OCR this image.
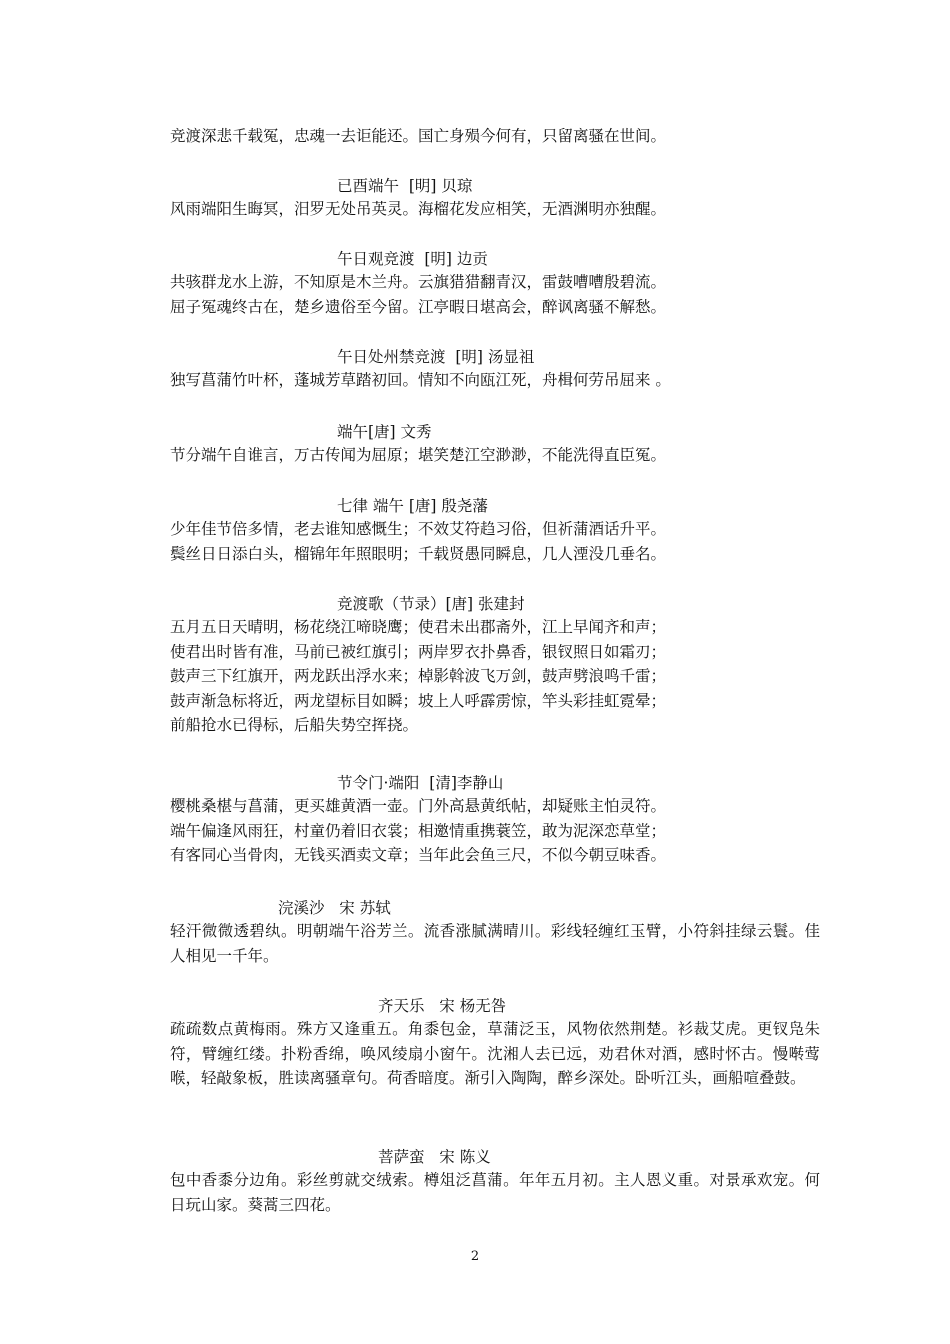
竞渡深悲千载冤，忠魂一去讵能还。国亡身殒今何有，只留离骚在世间。
已酉端午  [明] 贝琼
风雨端阳生晦冥，汨罗无处吊英灵。海榴花发应相笑，无酒渊明亦独醒。
午日观竞渡  [明] 边贡
共骇群龙水上游，不知原是木兰舟。云旗猎猎翻青汉，雷鼓嘈嘈殷碧流。
屈子冤魂终古在，楚乡遗俗至今留。江亭暇日堪高会，醉讽离骚不解愁。
午日处州禁竞渡  [明] 汤显祖
独写菖蒲竹叶杯，蓬城芳草踏初回。情知不向瓯江死，舟楫何劳吊屈来 。
端午[唐] 文秀
节分端午自谁言，万古传闻为屈原；堪笑楚江空渺渺，不能洗得直臣冤。
七律 端午 [唐] 殷尧藩
少年佳节倍多情，老去谁知感慨生；不效艾符趋习俗，但祈蒲酒话升平。
鬓丝日日添白头，榴锦年年照眼明；千载贤愚同瞬息，几人湮没几垂名。
竞渡歌（节录）[唐] 张建封
五月五日天晴明，杨花绕江啼晓鹰；使君未出郡斋外，江上早闻齐和声；
使君出时皆有准，马前已被红旗引；两岸罗衣扑鼻香，银钗照日如霜刃；
鼓声三下红旗开，两龙跃出浮水来；棹影斡波飞万剑，鼓声劈浪鸣千雷；
鼓声渐急标将近，两龙望标目如瞬；坡上人呼霹雳惊，竿头彩挂虹霓晕；
前船抢水已得标，后船失势空挥挠。
节令门·端阳  [清]李静山
樱桃桑椹与菖蒲，更买雄黄酒一壶。门外高悬黄纸帖，却疑账主怕灵符。
端午偏逢风雨狂，村童仍着旧衣裳；相邀情重携蓑笠，敢为泥深恋草堂；
有客同心当骨肉，无钱买酒卖文章；当年此会鱼三尺，不似今朝豆味香。
浣溪沙   宋 苏轼
轻汗微微透碧纨。明朝端午浴芳兰。流香涨腻满晴川。彩线轻缠红玉臂，小符斜挂绿云鬟。佳人相见一千年。
齐天乐   宋 杨无咎
疏疏数点黄梅雨。殊方又逢重五。角黍包金，草蒲泛玉，风物依然荆楚。衫裁艾虎。更钗凫朱符，臂缠红缕。扑粉香绵，唤风绫扇小窗午。沈湘人去已远，劝君休对酒，感时怀古。慢啭莺喉，轻敲象板，胜读离骚章句。荷香暗度。渐引入陶陶，醉乡深处。卧听江头，画船喧叠鼓。
菩萨蛮   宋 陈义
包中香黍分边角。彩丝剪就交绒索。樽俎泛菖蒲。年年五月初。主人恩义重。对景承欢宠。何日玩山家。葵蒿三四花。
2
